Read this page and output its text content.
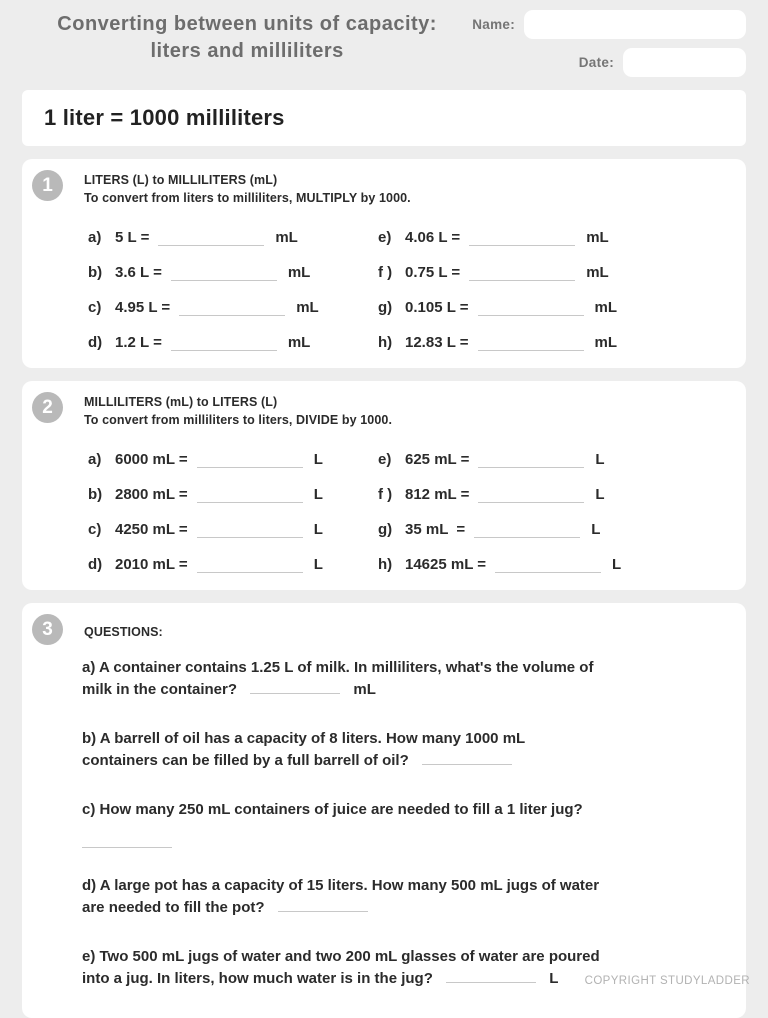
Converting between units of capacity:
liters and milliliters
Name:
Date:
1 liter = 1000 milliliters
1	LITERS (L) to MILLILITERS (mL)
To convert from liters to milliliters, MULTIPLY by 1000.
a) 5 L =	mL
b) 3.6 L =	mL
c) 4.95 L =	mL
d) 1.2 L =	mL
e) 4.06 L =	mL
f ) 0.75 L =	mL
g) 0.105 L =	mL
h) 12.83 L =	mL
2	MILLILITERS (mL) to LITERS (L)
To convert from milliliters to liters, DIVIDE by 1000.
a) 6000 mL =	L
b) 2800 mL =	L
c) 4250 mL =	L
d) 2010 mL =	L
e) 625 mL =	L
f ) 812 mL =	L
g) 35 mL  =	L
h) 14625 mL =	L
3	QUESTIONS:

a) A container contains 1.25 L of milk. In milliliters, what's the volume of
milk in the container?	mL

b) A barrell of oil has a capacity of 8 liters. How many 1000 mL
containers can be filled by a full barrell of oil?

c) How many 250 mL containers of juice are needed to fill a 1 liter jug?

d) A large pot has a capacity of 15 liters. How many 500 mL jugs of water
are needed to fill the pot?

e) Two 500 mL jugs of water and two 200 mL glasses of water are poured
into a jug. In liters, how much water is in the jug?	L	COPYRIGHT STUDYLADDER
